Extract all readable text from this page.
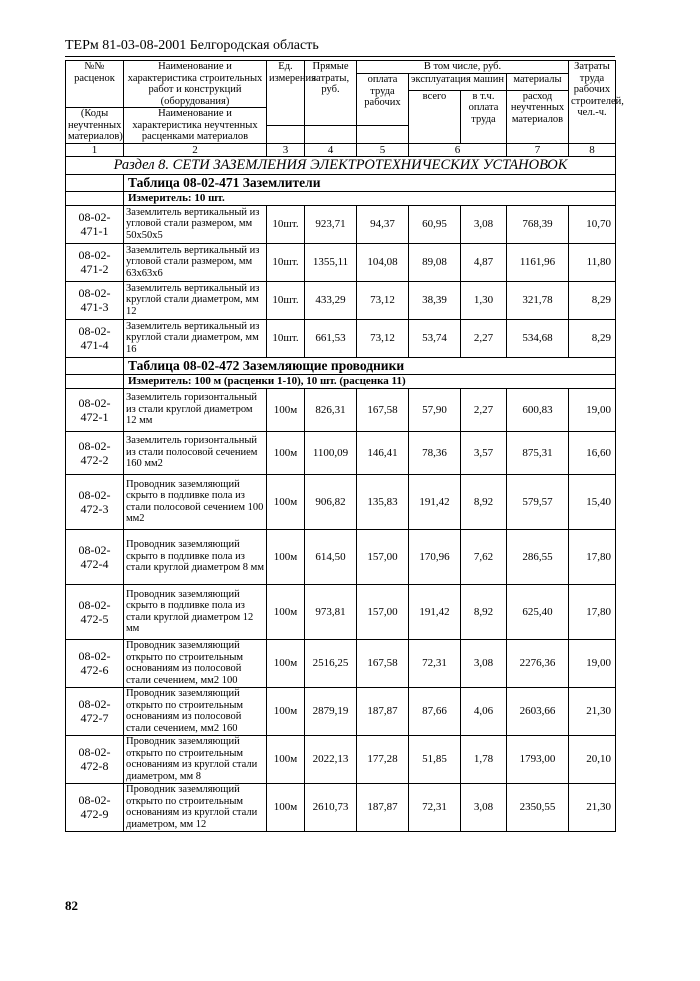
ТЕРм 81-03-08-2001 Белгородская область
№№ расценок	Наименование и характеристика строительных работ и конструкций (оборудования)	Ед. измерения	Прямые затраты, руб.	В том числе, руб.				Затраты труда рабочих строителей, чел.-ч.
				оплата труда рабочих	эксплуатация машин		материалы	
					всего	в т.ч. оплата труда	расход неучтенных материалов	
(Коды неучтенных материалов)	Наименование и характеристика неучтенных расценками материалов							

1	2	3	4	5	6		7	8
Раздел 8. СЕТИ ЗАЗЕМЛЕНИЯ ЭЛЕКТРОТЕХНИЧЕСКИХ УСТАНОВОК								
	Таблица 08-02-471 Заземлители							
	Измеритель: 10 шт.							
08-02-471-1	Заземлитель вертикальный из угловой стали размером, мм 50х50х5	10шт.	923,71	94,37	60,95	3,08	768,39	10,70
08-02-471-2	Заземлитель вертикальный из угловой стали размером, мм 63х63х6	10шт.	1355,11	104,08	89,08	4,87	1161,96	11,80
08-02-471-3	Заземлитель вертикальный из круглой стали диаметром, мм 12	10шт.	433,29	73,12	38,39	1,30	321,78	8,29
08-02-471-4	Заземлитель вертикальный из круглой стали диаметром, мм 16	10шт.	661,53	73,12	53,74	2,27	534,68	8,29
	Таблица 08-02-472 Заземляющие проводники							
	Измеритель: 100 м (расценки 1-10), 10 шт. (расценка 11)							
08-02-472-1	Заземлитель горизонтальный из стали круглой диаметром 12 мм	100м	826,31	167,58	57,90	2,27	600,83	19,00
08-02-472-2	Заземлитель горизонтальный из стали полосовой сечением 160 мм2	100м	1100,09	146,41	78,36	3,57	875,31	16,60
08-02-472-3	Проводник заземляющий скрыто в подливке пола из стали полосовой сечением 100 мм2	100м	906,82	135,83	191,42	8,92	579,57	15,40
08-02-472-4	Проводник заземляющий скрыто в подливке пола из стали круглой диаметром 8 мм	100м	614,50	157,00	170,96	7,62	286,55	17,80
08-02-472-5	Проводник заземляющий скрыто в подливке пола из стали круглой диаметром 12 мм	100м	973,81	157,00	191,42	8,92	625,40	17,80
08-02-472-6	Проводник заземляющий открыто по строительным основаниям из полосовой стали сечением, мм2 100	100м	2516,25	167,58	72,31	3,08	2276,36	19,00
08-02-472-7	Проводник заземляющий открыто по строительным основаниям из полосовой стали сечением, мм2 160	100м	2879,19	187,87	87,66	4,06	2603,66	21,30
08-02-472-8	Проводник заземляющий открыто по строительным основаниям из круглой стали диаметром, мм 8	100м	2022,13	177,28	51,85	1,78	1793,00	20,10
08-02-472-9	Проводник заземляющий открыто по строительным основаниям из круглой стали диаметром, мм 12	100м	2610,73	187,87	72,31	3,08	2350,55	21,30
82
